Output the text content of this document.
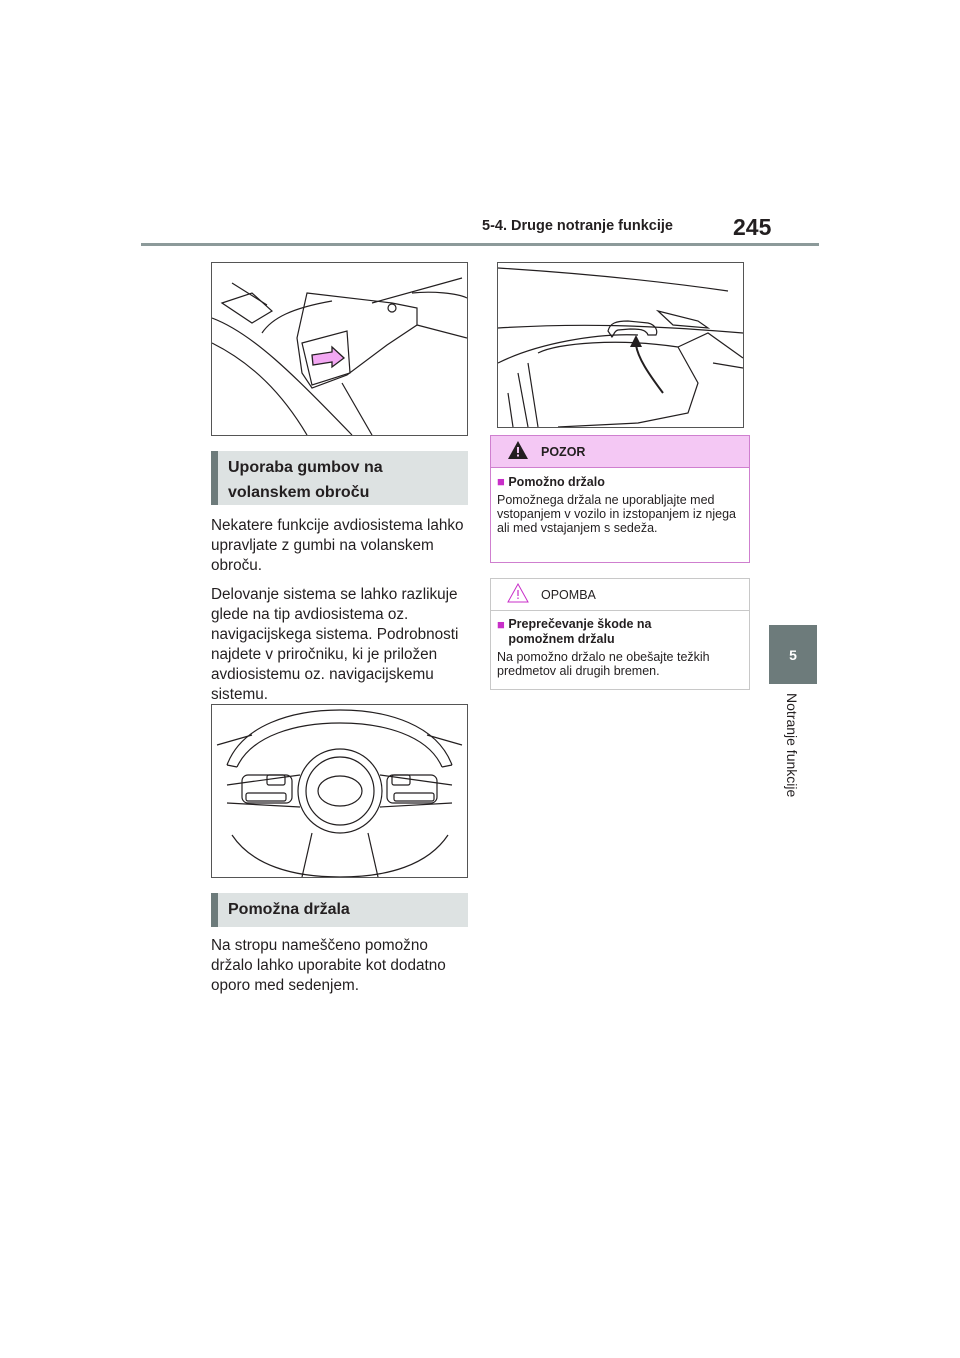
5-4. Druge notranje funkcije	245
5
Notranje funkcije
Uporaba gumbov na volanskem obroču

Nekatere funkcije avdiosistema lahko upravljate z gumbi na volanskem obroču.

Delovanje sistema se lahko razlikuje glede na tip avdiosistema oz. navigacijskega sistema. Podrobnosti najdete v priročniku, ki je priložen avdiosistemu oz. navigacijskemu sistemu.

Pomožna držala

Na stropu nameščeno pomožno držalo lahko uporabite kot dodatno oporo med sedenjem.

POZOR
■ Pomožno držalo
Pomožnega držala ne uporabljajte med vstopanjem v vozilo in izstopanjem iz njega ali med vstajanjem s sedeža.
OPOMBA
■ Preprečevanje škode na pomožnem držalu
Na pomožno držalo ne obešajte težkih predmetov ali drugih bremen.
